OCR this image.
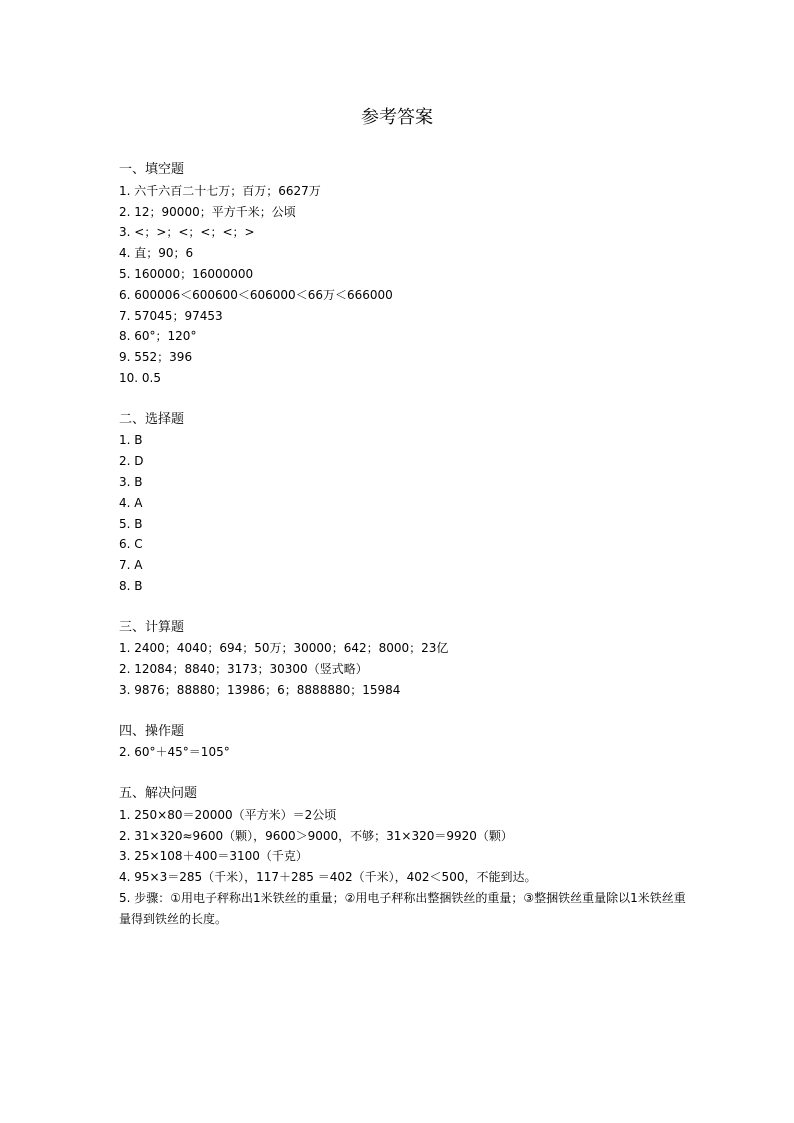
参考答案
一、填空题
1. 六千六百二十七万；百万；6627万
2. 12；90000；平方千米；公顷
3. <；>；<；<；<；>
4. 直；90；6
5. 160000；16000000
6. 600006＜600600＜606000＜66万＜666000
7. 57045；97453
8. 60°；120°
9. 552；396
10. 0.5
二、选择题
1. B
2. D
3. B
4. A
5. B
6. C
7. A
8. B
三、计算题
1. 2400；4040；694；50万；30000；642；8000；23亿
2. 12084；8840；3173；30300（竖式略）
3. 9876；88880；13986；6；8888880；15984
四、操作题
2. 60°＋45°＝105°
五、解决问题
1. 250×80＝20000（平方米）＝2公顷
2. 31×320≈9600（颗），9600＞9000，不够；31×320＝9920（颗）
3. 25×108＋400＝3100（千克）
4. 95×3＝285（千米），117＋285 ＝402（千米），402＜500，不能到达。
5. 步骤：①用电子秤称出1米铁丝的重量；②用电子秤称出整捆铁丝的重量；③整捆铁丝重量除以1米铁丝重量得到铁丝的长度。
